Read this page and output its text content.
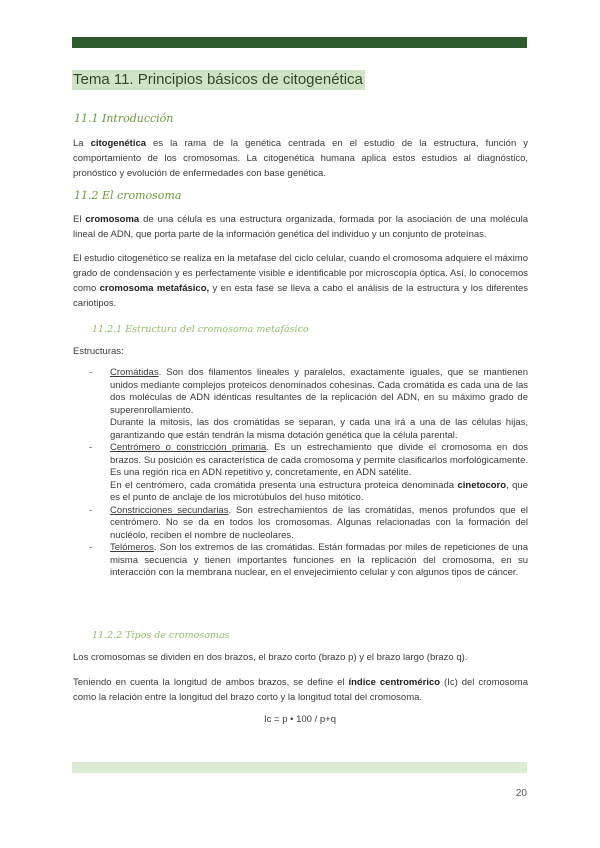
Tema 11. Principios básicos de citogenética
11.1 Introducción

La citogenética es la rama de la genética centrada en el estudio de la estructura, función y comportamiento de los cromosomas. La citogenética humana aplica estos estudios al diagnóstico, pronóstico y evolución de enfermedades con base genética.

11.2 El cromosoma

El cromosoma de una célula es una estructura organizada, formada por la asociación de una molécula lineal de ADN, que porta parte de la información genética del individuo y un conjunto de proteínas.

El estudio citogenético se realiza en la metafase del ciclo celular, cuando el cromosoma adquiere el máximo grado de condensación y es perfectamente visible e identificable por microscopía óptica. Así, lo conocemos como cromosoma metafásico, y en esta fase se lleva a cabo el análisis de la estructura y los diferentes cariotipos.

11.2.1 Estructura del cromosoma metafásico
Estructuras:
- Cromátidas. Son dos filamentos lineales y paralelos, exactamente iguales, que se mantienen unidos mediante complejos proteicos denominados cohesinas. Cada cromátida es cada una de las dos moléculas de ADN idénticas resultantes de la replicación del ADN, en su máximo grado de superenrollamiento.

Durante la mitosis, las dos cromátidas se separan, y cada una irá a una de las células hijas, garantizando que están tendrán la misma dotación genética que la célula parental.

- Centrómero o constricción primaria. Es un estrechamiento que divide el cromosoma en dos brazos. Su posición es característica de cada cromosoma y permite clasificarlos morfológicamente. Es una región rica en ADN repetitivo y, concretamente, en ADN satélite.

En el centrómero, cada cromátida presenta una estructura proteica denominada cinetocoro, que es el punto de anclaje de los microtúbulos del huso mitótico.

- Constricciones secundarias. Son estrechamientos de las cromátidas, menos profundos que el centrómero. No se da en todos los cromosomas. Algunas relacionadas con la formación del nucléolo, reciben el nombre de nucleolares.

- Telómeros. Son los extremos de las cromátidas. Están formadas por miles de repeticiones de una misma secuencia y tienen importantes funciones en la replicación del cromosoma, en su interacción con la membrana nuclear, en el envejecimiento celular y con algunos tipos de cáncer.

11.2.2 Tipos de cromosomas
Los cromosomas se dividen en dos brazos, el brazo corto (brazo p) y el brazo largo (brazo q).

Teniendo en cuenta la longitud de ambos brazos, se define el índice centromérico (Ic) del cromosoma como la relación entre la longitud del brazo corto y la longitud total del cromosoma.

Ic = p • 100 / p+q
20
